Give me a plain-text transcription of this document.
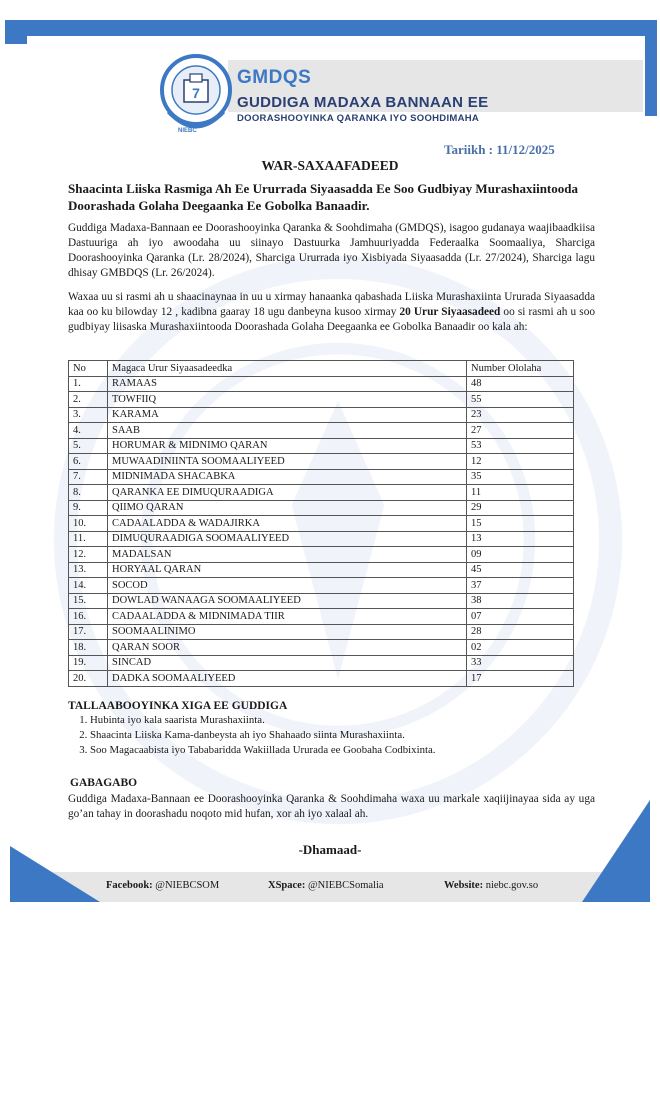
7
NIEBC
GMDQS
GUDDIGA MADAXA BANNAAN EE
DOORASHOOYINKA QARANKA IYO SOOHDIMAHA
Tariikh : 11/12/2025
WAR-SAXAAFADEED
Shaacinta Liiska Rasmiga Ah Ee Ururrada Siyaasadda Ee Soo Gudbiyay Murashaxiintooda Doorashada Golaha Deegaanka Ee Gobolka Banaadir.
Guddiga Madaxa-Bannaan ee Doorashooyinka Qaranka & Soohdimaha (GMDQS), isagoo gudanaya waajibaadkiisa Dastuuriga ah iyo awoodaha uu siinayo Dastuurka Jamhuuriyadda Federaalka Soomaaliya, Sharciga Doorashooyinka Qaranka (Lr. 28/2024), Sharciga Ururrada iyo Xisbiyada Siyaasadda (Lr. 27/2024), Sharciga lagu dhisay GMBDQS (Lr. 26/2024).
Waxaa uu si rasmi ah u shaacinaynaa in uu u xirmay hanaanka qabashada Liiska Murashaxiinta Ururada Siyaasadda kaa oo ku bilowday 12 , kadibna gaaray 18 ugu danbeyna kusoo xirmay 20 Urur Siyaasadeed oo si rasmi ah u soo gudbiyay liisaska Murashaxiintooda Doorashada Golaha Deegaanka ee Gobolka Banaadir oo kala ah:
No	Magaca Urur Siyaasadeedka	Number Ololaha
1.	RAMAAS	48
2.	TOWFIIQ	55
3.	KARAMA	23
4.	SAAB	27
5.	HORUMAR & MIDNIMO QARAN	53
6.	MUWAADINIINTA SOOMAALIYEED	12
7.	MIDNIMADA SHACABKA	35
8.	QARANKA EE DIMUQURAADIGA	11
9.	QIIMO QARAN	29
10.	CADAALADDA & WADAJIRKA	15
11.	DIMUQURAADIGA SOOMAALIYEED	13
12.	MADALSAN	09
13.	HORYAAL QARAN	45
14.	SOCOD	37
15.	DOWLAD WANAAGA SOOMAALIYEED	38
16.	CADAALADDA & MIDNIMADA TIIR	07
17.	SOOMAALINIMO	28
18.	QARAN SOOR	02
19.	SINCAD	33
20.	DADKA SOOMAALIYEED	17
TALLAABOOYINKA XIGA EE GUDDIGA
1. Hubinta iyo kala saarista Murashaxiinta.
2. Shaacinta Liiska Kama-danbeysta ah iyo Shahaado siinta Murashaxiinta.
3. Soo Magacaabista iyo Tababaridda Wakiillada Ururada ee Goobaha Codbixinta.
GABAGABO
Guddiga Madaxa-Bannaan ee Doorashooyinka Qaranka & Soohdimaha waxa uu markale xaqiijinayaa sida ay uga go’an tahay in doorashadu noqoto mid hufan, xor ah iyo xalaal ah.
-Dhamaad-
Facebook: @NIEBCSOM	XSpace: @NIEBCSomalia	Website: niebc.gov.so
